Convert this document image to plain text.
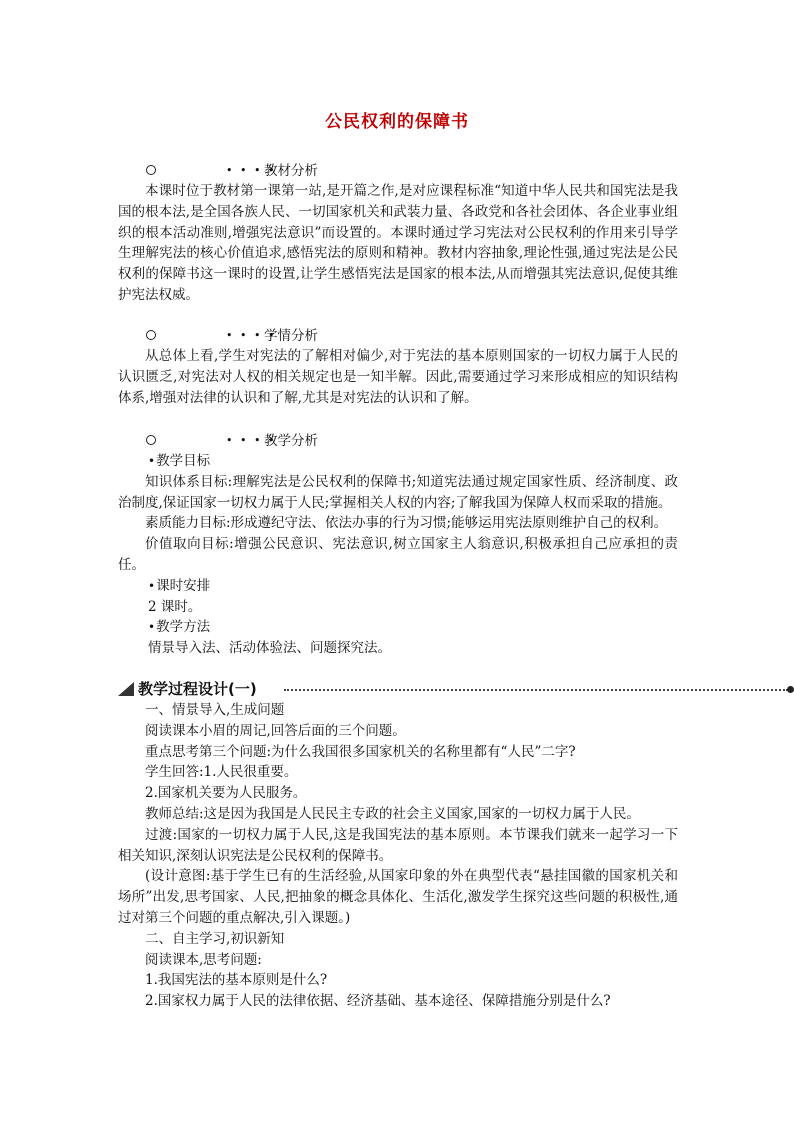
公民权利的保障书
• • • •
教材分析

本课时位于教材第一课第一站,是开篇之作,是对应课程标准“知道中华人民共和国宪法是我国的根本法,是全国各族人民、一切国家机关和武装力量、各政党和各社会团体、各企业事业组织的根本活动准则,增强宪法意识”而设置的。本课时通过学习宪法对公民权利的作用来引导学生理解宪法的核心价值追求,感悟宪法的原则和精神。教材内容抽象,理论性强,通过宪法是公民权利的保障书这一课时的设置,让学生感悟宪法是国家的根本法,从而增强其宪法意识,促使其维护宪法权威。

• • • •
学情分析

从总体上看,学生对宪法的了解相对偏少,对于宪法的基本原则国家的一切权力属于人民的认识匮乏,对宪法对人权的相关规定也是一知半解。因此,需要通过学习来形成相应的知识结构体系,增强对法律的认识和了解,尤其是对宪法的认识和了解。

• • • •
教学分析

• 教学目标

知识体系目标:理解宪法是公民权利的保障书;知道宪法通过规定国家性质、经济制度、政治制度,保证国家一切权力属于人民;掌握相关人权的内容;了解我国为保障人权而采取的措施。

素质能力目标:形成遵纪守法、依法办事的行为习惯;能够运用宪法原则维护自己的权利。

价值取向目标:增强公民意识、宪法意识,树立国家主人翁意识,积极承担自己应承担的责任。

• 课时安排

2 课时。

• 教学方法

情景导入法、活动体验法、问题探究法。

教学过程设计(一)

一、情景导入,生成问题

阅读课本小眉的周记,回答后面的三个问题。

重点思考第三个问题:为什么我国很多国家机关的名称里都有“人民”二字?

学生回答:1.人民很重要。

2.国家机关要为人民服务。

教师总结:这是因为我国是人民民主专政的社会主义国家,国家的一切权力属于人民。

过渡:国家的一切权力属于人民,这是我国宪法的基本原则。本节课我们就来一起学习一下相关知识,深刻认识宪法是公民权利的保障书。

(设计意图:基于学生已有的生活经验,从国家印象的外在典型代表“悬挂国徽的国家机关和场所”出发,思考国家、人民,把抽象的概念具体化、生活化,激发学生探究这些问题的积极性,通过对第三个问题的重点解决,引入课题。)

二、自主学习,初识新知

阅读课本,思考问题:

1.我国宪法的基本原则是什么?

2.国家权力属于人民的法律依据、经济基础、基本途径、保障措施分别是什么?
